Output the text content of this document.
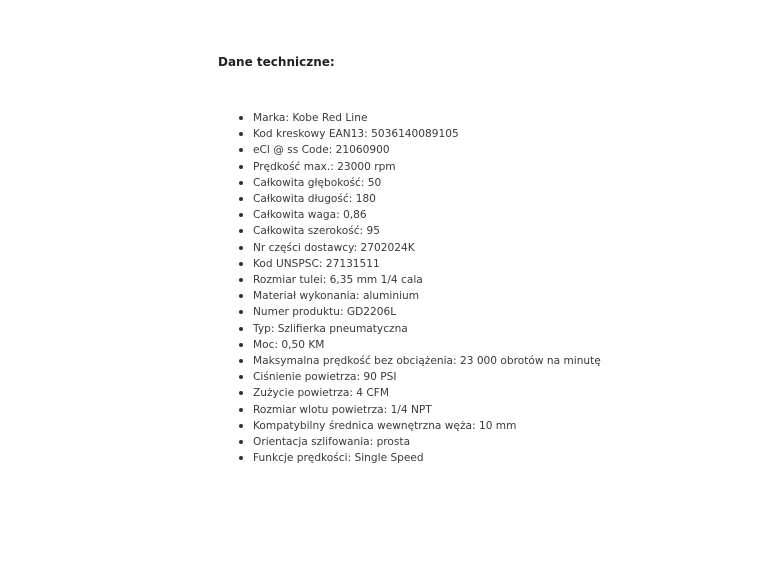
Dane techniczne:
Marka: Kobe Red Line
Kod kreskowy EAN13: 5036140089105
eCl @ ss Code: 21060900
Prędkość max.: 23000 rpm
Całkowita głębokość: 50
Całkowita długość: 180
Całkowita waga: 0,86
Całkowita szerokość: 95
Nr części dostawcy: 2702024K
Kod UNSPSC: 27131511
Rozmiar tulei: 6,35 mm 1/4 cala
Materiał wykonania: aluminium
Numer produktu: GD2206L
Typ: Szlifierka pneumatyczna
Moc: 0,50 KM
Maksymalna prędkość bez obciążenia: 23 000 obrotów na minutę
Ciśnienie powietrza: 90 PSI
Zużycie powietrza: 4 CFM
Rozmiar wlotu powietrza: 1/4 NPT
Kompatybilny średnica wewnętrzna węża: 10 mm
Orientacja szlifowania: prosta
Funkcje prędkości: Single Speed
